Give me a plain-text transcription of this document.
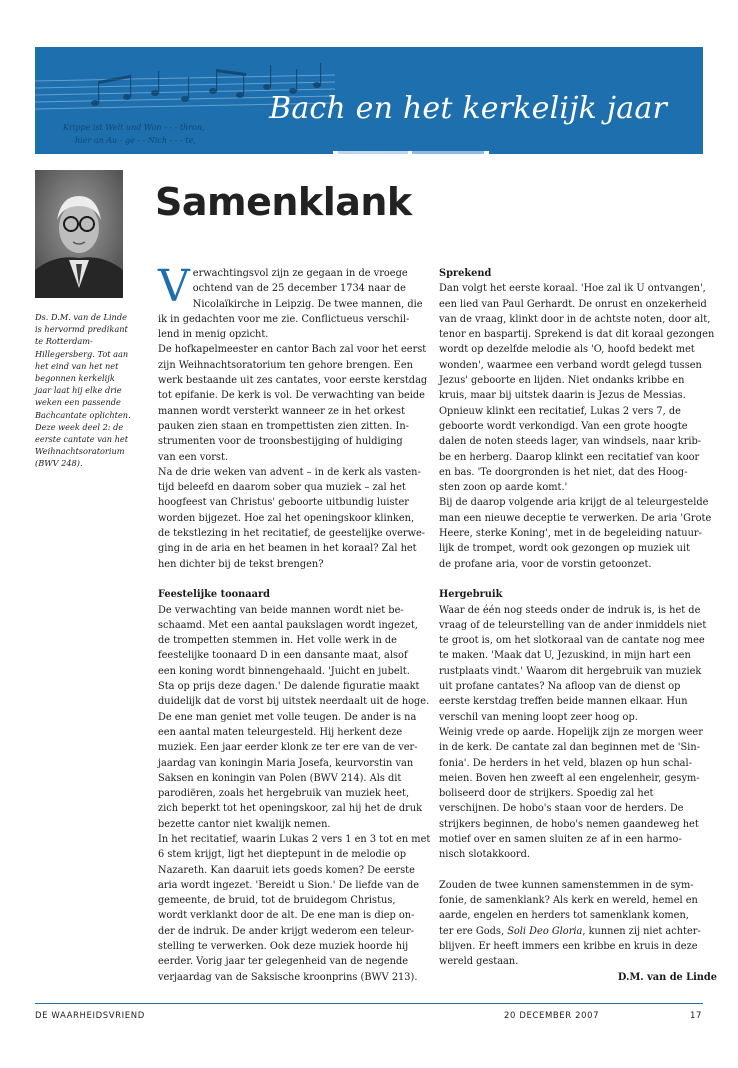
Krippe ist Welt und Won - - - thron,
hier an Au - ge - - Nich - - - te,
Bach en het kerkelijk jaar

Ds. D.M. van de Linde

is hervormd predikant

te Rotterdam-

Hillegersberg. Tot aan

het eind van het net

begonnen kerkelijk

jaar laat hij elke drie

weken een passende

Bachcantate oplichten.

Deze week deel 2: de

eerste cantate van het

Weihnachtsoratorium

(BWV 248).

Samenklank
V erwachtingsvol zijn ze gegaan in de vroege
ochtend van de 25 december 1734 naar de
Nicolaïkirche in Leipzig. De twee mannen, die

ik in gedachten voor me zie. Conflictueus verschil-

lend in menig opzicht.

De hofkapelmeester en cantor Bach zal voor het eerst

zijn Weihnachtsoratorium ten gehore brengen. Een

werk bestaande uit zes cantates, voor eerste kerstdag

tot epifanie. De kerk is vol. De verwachting van beide

mannen wordt versterkt wanneer ze in het orkest

pauken zien staan en trompettisten zien zitten. In-

strumenten voor de troonsbestijging of huldiging

van een vorst.

Na de drie weken van advent – in de kerk als vasten-

tijd beleefd en daarom sober qua muziek – zal het

hoogfeest van Christus' geboorte uitbundig luister

worden bijgezet. Hoe zal het openingskoor klinken,

de tekstlezing in het recitatief, de geestelijke overwe-

ging in de aria en het beamen in het koraal? Zal het

hen dichter bij de tekst brengen?

Feestelijke toonaard

De verwachting van beide mannen wordt niet be-

schaamd. Met een aantal paukslagen wordt ingezet,

de trompetten stemmen in. Het volle werk in de

feestelijke toonaard D in een dansante maat, alsof

een koning wordt binnengehaald. 'Juicht en jubelt.

Sta op prijs deze dagen.' De dalende figuratie maakt

duidelijk dat de vorst bij uitstek neerdaalt uit de hoge.

De ene man geniet met volle teugen. De ander is na

een aantal maten teleurgesteld. Hij herkent deze

muziek. Een jaar eerder klonk ze ter ere van de ver-

jaardag van koningin Maria Josefa, keurvorstin van

Saksen en koningin van Polen (BWV 214). Als dit

parodiëren, zoals het hergebruik van muziek heet,

zich beperkt tot het openingskoor, zal hij het de druk

bezette cantor niet kwalijk nemen.

In het recitatief, waarin Lukas 2 vers 1 en 3 tot en met

6 stem krijgt, ligt het dieptepunt in de melodie op

Nazareth. Kan daaruit iets goeds komen? De eerste

aria wordt ingezet. 'Bereidt u Sion.' De liefde van de

gemeente, de bruid, tot de bruidegom Christus,

wordt verklankt door de alt. De ene man is diep on-

der de indruk. De ander krijgt wederom een teleur-

stelling te verwerken. Ook deze muziek hoorde hij

eerder. Vorig jaar ter gelegenheid van de negende

verjaardag van de Saksische kroonprins (BWV 213).

Sprekend

Dan volgt het eerste koraal. 'Hoe zal ik U ontvangen',

een lied van Paul Gerhardt. De onrust en onzekerheid

van de vraag, klinkt door in de achtste noten, door alt,

tenor en baspartij. Sprekend is dat dit koraal gezongen

wordt op dezelfde melodie als 'O, hoofd bedekt met

wonden', waarmee een verband wordt gelegd tussen

Jezus' geboorte en lijden. Niet ondanks kribbe en

kruis, maar bij uitstek daarin is Jezus de Messias.

Opnieuw klinkt een recitatief, Lukas 2 vers 7, de

geboorte wordt verkondigd. Van een grote hoogte

dalen de noten steeds lager, van windsels, naar krib-

be en herberg. Daarop klinkt een recitatief van koor

en bas. 'Te doorgronden is het niet, dat des Hoog-

sten zoon op aarde komt.'

Bij de daarop volgende aria krijgt de al teleurgestelde

man een nieuwe deceptie te verwerken. De aria 'Grote

Heere, sterke Koning', met in de begeleiding natuur-

lijk de trompet, wordt ook gezongen op muziek uit

de profane aria, voor de vorstin getoonzet.

Hergebruik

Waar de één nog steeds onder de indruk is, is het de

vraag of de teleurstelling van de ander inmiddels niet

te groot is, om het slotkoraal van de cantate nog mee

te maken. 'Maak dat U, Jezuskind, in mijn hart een

rustplaats vindt.' Waarom dit hergebruik van muziek

uit profane cantates? Na afloop van de dienst op

eerste kerstdag treffen beide mannen elkaar. Hun

verschil van mening loopt zeer hoog op.

Weinig vrede op aarde. Hopelijk zijn ze morgen weer

in de kerk. De cantate zal dan beginnen met de 'Sin-

fonia'. De herders in het veld, blazen op hun schal-

meien. Boven hen zweeft al een engelenheir, gesym-

boliseerd door de strijkers. Spoedig zal het

verschijnen. De hobo's staan voor de herders. De

strijkers beginnen, de hobo's nemen gaandeweg het

motief over en samen sluiten ze af in een harmo-

nisch slotakkoord.

Zouden de twee kunnen samenstemmen in de sym-

fonie, de samenklank? Als kerk en wereld, hemel en

aarde, engelen en herders tot samenklank komen,

ter ere Gods, Soli Deo Gloria, kunnen zij niet achter-

blijven. Er heeft immers een kribbe en kruis in deze

wereld gestaan.

D.M. van de Linde

DE WAARHEIDSVRIEND	20 DECEMBER 2007	17
